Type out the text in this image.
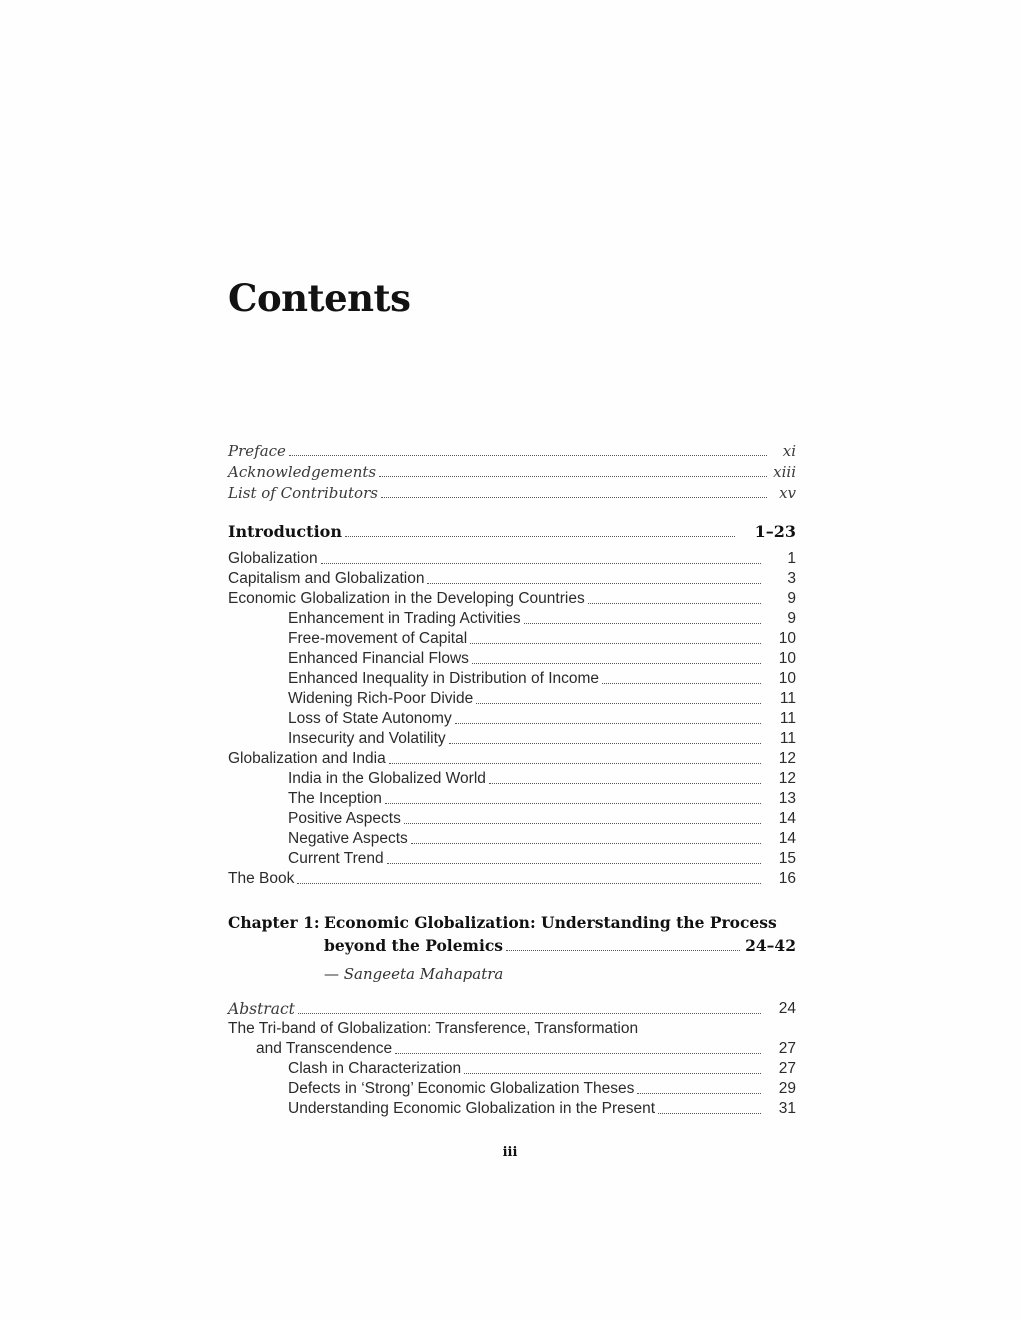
Contents
Preface	xi
Acknowledgements	xiii
List of Contributors	xv
Introduction	1–23
Globalization	1
Capitalism and Globalization	3
Economic Globalization in the Developing Countries	9
Enhancement in Trading Activities	9
Free-movement of Capital	10
Enhanced Financial Flows	10
Enhanced Inequality in Distribution of Income	10
Widening Rich-Poor Divide	11
Loss of State Autonomy	11
Insecurity and Volatility	11
Globalization and India	12
India in the Globalized World	12
The Inception	13
Positive Aspects	14
Negative Aspects	14
Current Trend	15
The Book	16
Chapter 1: Economic Globalization: Understanding the Process
beyond the Polemics	24–42
— Sangeeta Mahapatra
Abstract	24
The Tri-band of Globalization: Transference, Transformation
and Transcendence	27
Clash in Characterization	27
Defects in ‘Strong’ Economic Globalization Theses	29
Understanding Economic Globalization in the Present	31
iii
